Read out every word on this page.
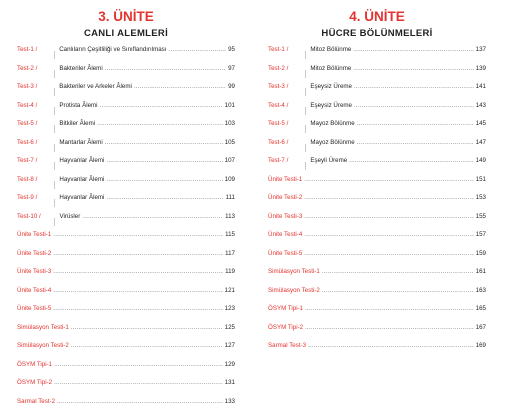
3. ÜNİTE
CANLI ALEMLERİ
Test-1 /	Canlıların Çeşitliliği ve Sınıflandırılması .....	95
Test-2 /	Bakteriler Âlemi .....	97
Test-3 /	Bakteriler ve Arkeler Âlemi .....	99
Test-4 /	Protista Âlemi .....	101
Test-5 /	Bitkiler Âlemi .....	103
Test-6 /	Mantarlar Âlemi .....	105
Test-7 /	Hayvanlar Âlemi .....	107
Test-8 /	Hayvanlar Âlemi .....	109
Test-9 /	Hayvanlar Âlemi .....	111
Test-10 /	Virüsler .....	113
Ünite Testi-1 .....	115
Ünite Testi-2 .....	117
Ünite Testi-3 .....	119
Ünite Testi-4 .....	121
Ünite Testi-5 .....	123
Simülasyon Testi-1 .....	125
Simülasyon Testi-2 .....	127
ÖSYM Tipi-1 .....	129
ÖSYM Tipi-2 .....	131
Sarmal Test-2 .....	133
4. ÜNİTE
HÜCRE BÖLÜNMELERİ
Test-1 /	Mitoz Bölünme .....	137
Test-2 /	Mitoz Bölünme .....	139
Test-3 /	Eşeysiz Üreme .....	141
Test-4 /	Eşeysiz Üreme .....	143
Test-5 /	Mayoz Bölünme .....	145
Test-6 /	Mayoz Bölünme .....	147
Test-7 /	Eşeyli Üreme .....	149
Ünite Testi-1 .....	151
Ünite Testi-2 .....	153
Ünite Testi-3 .....	155
Ünite Testi-4 .....	157
Ünite Testi-5 .....	159
Simülasyon Testi-1 .....	161
Simülasyon Testi-2 .....	163
ÖSYM Tipi-1 .....	165
ÖSYM Tipi-2 .....	167
Sarmal Test-3 .....	169
